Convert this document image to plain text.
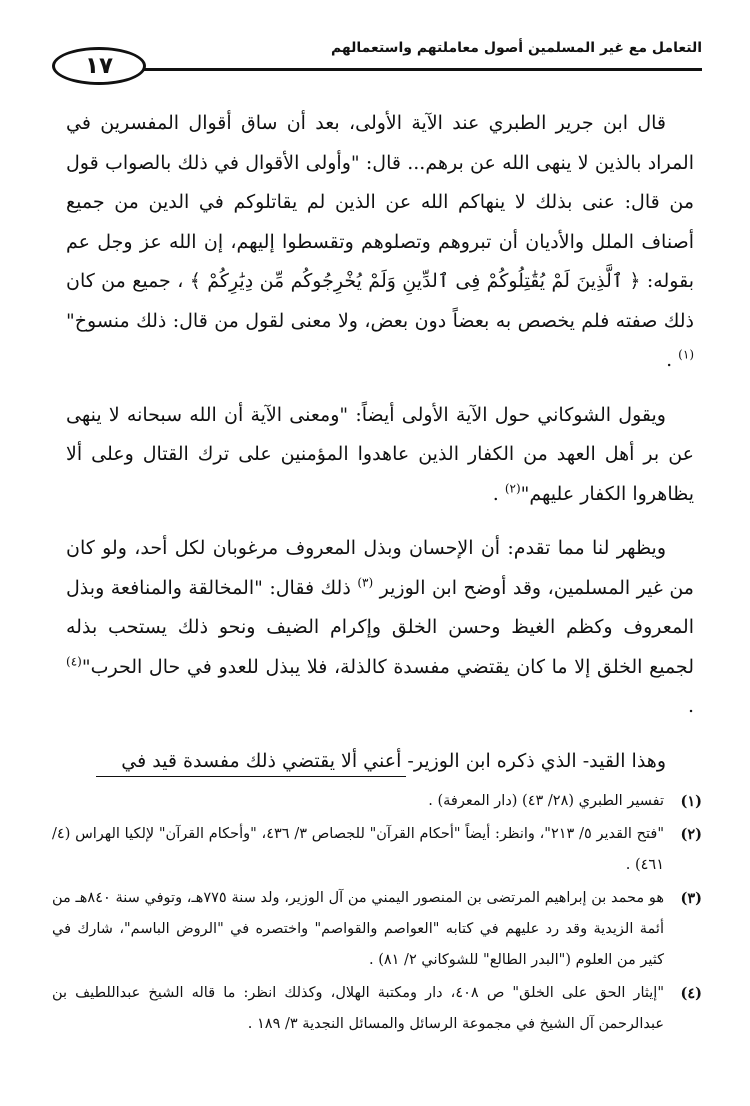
التعامل مع غير المسلمين أصول معاملتهم واستعمالهم
١٧

قال ابن جرير الطبري عند الآية الأولى، بعد أن ساق أقوال المفسرين في المراد بالذين لا ينهى الله عن برهم... قال: "وأولى الأقوال في ذلك بالصواب قول من قال: عنى بذلك لا ينهاكم الله عن الذين لم يقاتلوكم في الدين من جميع أصناف الملل والأديان أن تبروهم وتصلوهم وتقسطوا إليهم، إن الله عز وجل عم بقوله: ﴿ ٱلَّذِينَ لَمْ يُقَٰتِلُوكُمْ فِى ٱلدِّينِ وَلَمْ يُخْرِجُوكُم مِّن دِيَٰرِكُمْ ﴾ ، جميع من كان ذلك صفته فلم يخصص به بعضاً دون بعض، ولا معنى لقول من قال: ذلك منسوخ"$^{(١)}$ .

ويقول الشوكاني حول الآية الأولى أيضاً: "ومعنى الآية أن الله سبحانه لا ينهى عن بر أهل العهد من الكفار الذين عاهدوا المؤمنين على ترك القتال وعلى ألا يظاهروا الكفار عليهم"$^{(٢)}$ .

ويظهر لنا مما تقدم: أن الإحسان وبذل المعروف مرغوبان لكل أحد، ولو كان من غير المسلمين، وقد أوضح ابن الوزير $^{(٣)}$ ذلك فقال: "المخالقة والمنافعة وبذل المعروف وكظم الغيظ وحسن الخلق وإكرام الضيف ونحو ذلك يستحب بذله لجميع الخلق إلا ما كان يقتضي مفسدة كالذلة، فلا يبذل للعدو في حال الحرب"$^{(٤)}$ .

وهذا القيد- الذي ذكره ابن الوزير- أعني ألا يقتضي ذلك مفسدة قيد في

(١)
تفسير الطبري (٢٨/ ٤٣) (دار المعرفة) .
(٢)
"فتح القدير ٥/ ٢١٣"، وانظر: أيضاً "أحكام القرآن" للجصاص ٣/ ٤٣٦، "وأحكام القرآن" لإلكيا الهراس (٤/ ٤٦١) .
(٣)
هو محمد بن إبراهيم المرتضى بن المنصور اليمني من آل الوزير، ولد سنة ٧٧٥هـ، وتوفي سنة ٨٤٠هـ من أئمة الزيدية وقد رد عليهم في كتابه "العواصم والقواصم" واختصره في "الروض الباسم"، شارك في كثير من العلوم ("البدر الطالع" للشوكاني ٢/ ٨١) .
(٤)
"إيثار الحق على الخلق" ص ٤٠٨، دار ومكتبة الهلال، وكذلك انظر: ما قاله الشيخ عبداللطيف بن عبدالرحمن آل الشيخ في مجموعة الرسائل والمسائل النجدية ٣/ ١٨٩ .
